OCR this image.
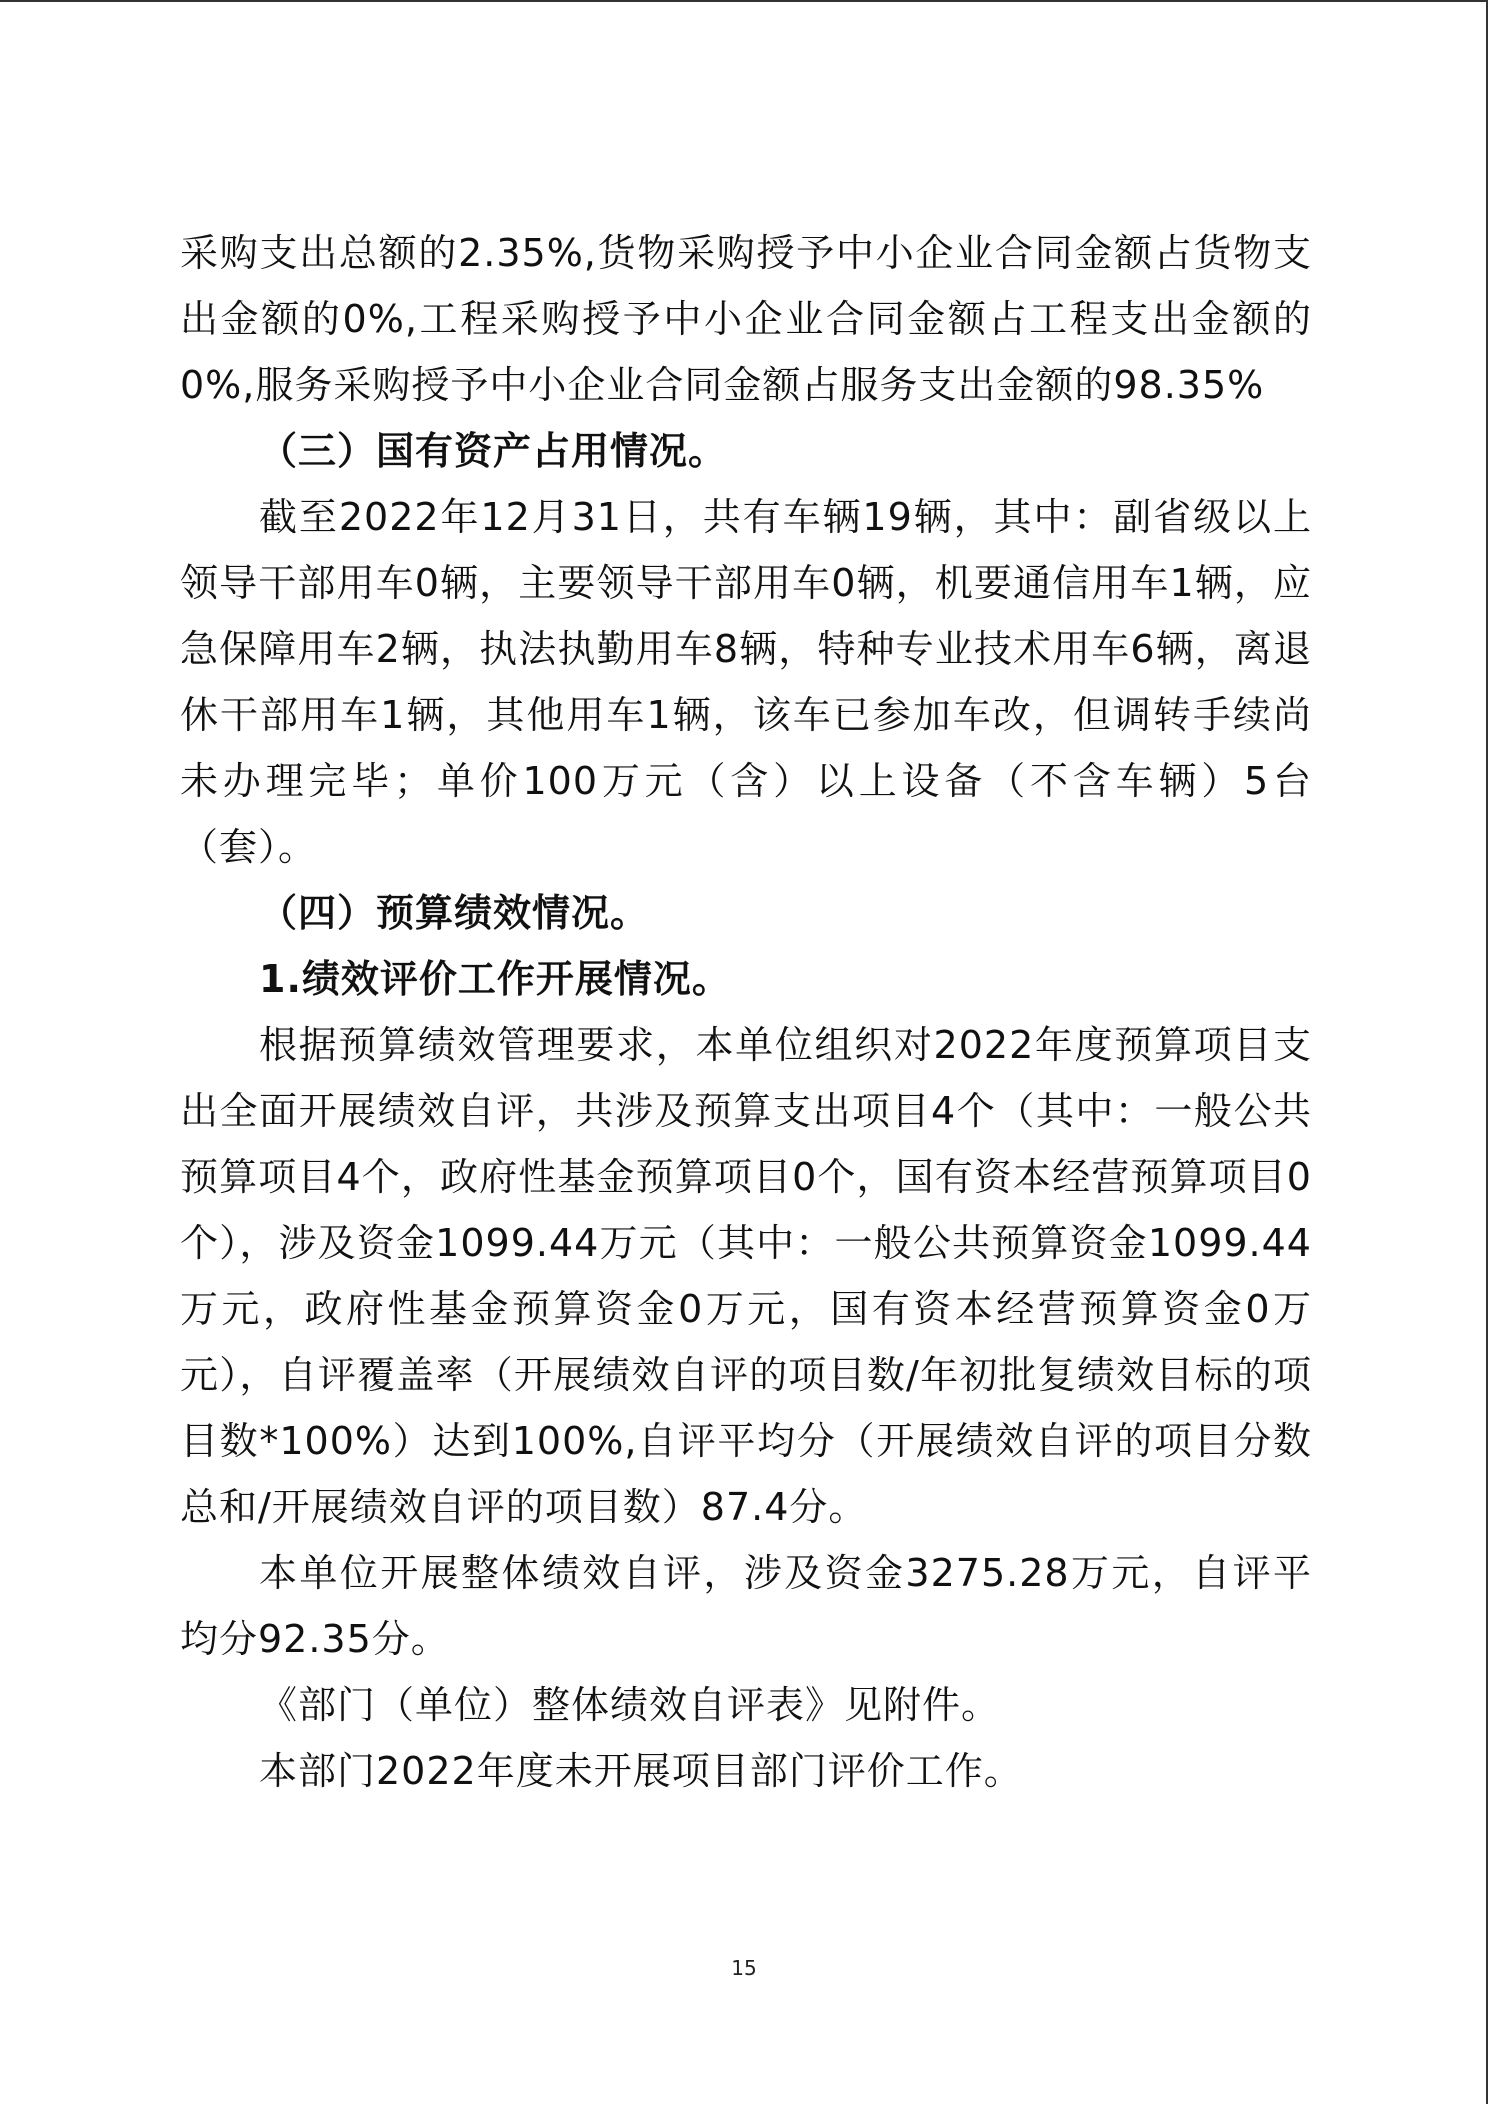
采购支出总额的2.35%,货物采购授予中小企业合同金额占货物支出金额的0%,工程采购授予中小企业合同金额占工程支出金额的0%,服务采购授予中小企业合同金额占服务支出金额的98.35%

（三）国有资产占用情况。

截至2022年12月31日，共有车辆19辆，其中：副省级以上领导干部用车0辆，主要领导干部用车0辆，机要通信用车1辆，应急保障用车2辆，执法执勤用车8辆，特种专业技术用车6辆，离退休干部用车1辆，其他用车1辆，该车已参加车改，但调转手续尚未办理完毕；单价100万元（含）以上设备（不含车辆）5台（套）。

（四）预算绩效情况。

1.绩效评价工作开展情况。

根据预算绩效管理要求，本单位组织对2022年度预算项目支出全面开展绩效自评，共涉及预算支出项目4个（其中：一般公共预算项目4个，政府性基金预算项目0个，国有资本经营预算项目0个），涉及资金1099.44万元（其中：一般公共预算资金1099.44万元，政府性基金预算资金0万元，国有资本经营预算资金0万元），自评覆盖率（开展绩效自评的项目数/年初批复绩效目标的项目数*100%）达到100%,自评平均分（开展绩效自评的项目分数总和/开展绩效自评的项目数）87.4分。

本单位开展整体绩效自评，涉及资金3275.28万元，自评平均分92.35分。

《部门（单位）整体绩效自评表》见附件。

本部门2022年度未开展项目部门评价工作。

15
